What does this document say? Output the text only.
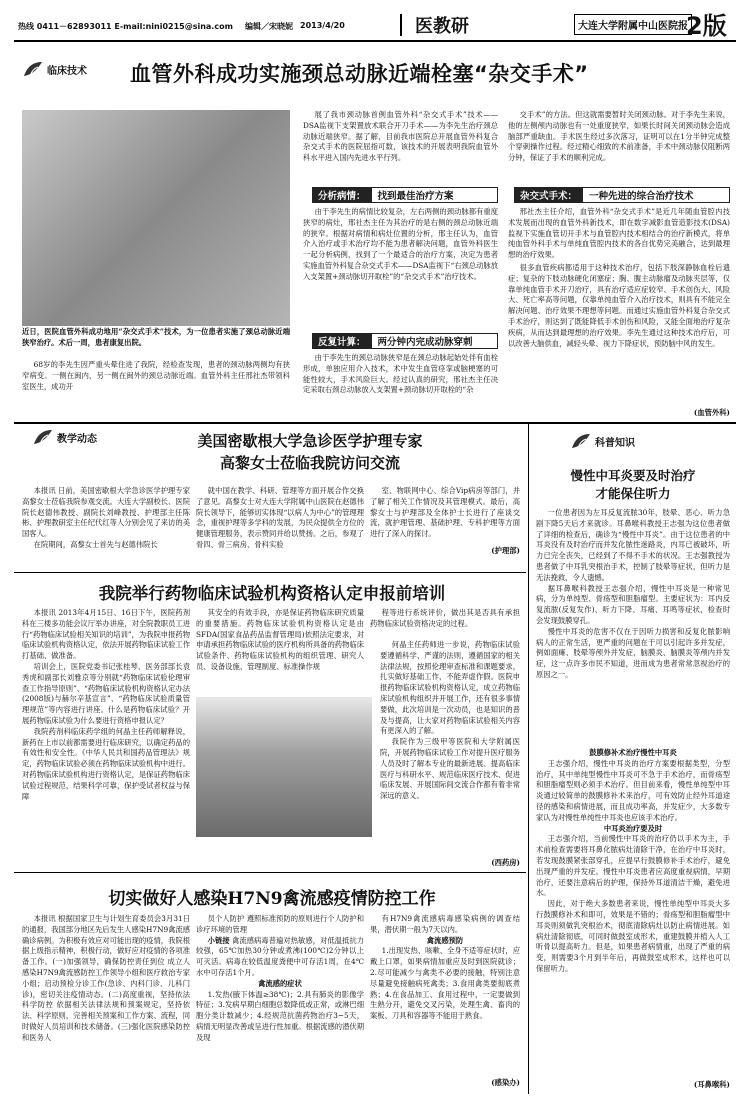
热线 0411－62893011 E-mail:nini0215@sina.com 编辑／宋晓妮 2013/4/20	医教研	大连大学附属中山医院报
2版
临床技术 血管外科成功实施颈总动脉近端栓塞“杂交手术”
近日，医院血管外科成功地用“杂交式手术”技术，为一位患者实施了颈总动脉近端狭窄治疗。术后一周，患者康复出院。

68岁的李先生因严重头晕住进了我院，经检查发现，患者的颈动脉两侧均有狭窄病变。一侧在闽内，另一侧在闽外的颈总动脉近端。血管外科主任邢社杰带领科室医生，成功开

展了我市颈动脉首例血管外科“杂交式手术”技术——DSA监视下支架置放术联合开刀手术——为李先生治疗颈总动脉近端狭窄。据了解，目前我市医院总开展血管外科复合杂交式手术的医院屈指可数，该技术的开展表明我院血管外科水平进入国内先进水平行列。

分析病情：	找到最佳治疗方案

由于李先生的病情比较复杂，左右两侧的颈动脉都有重度狭窄的病灶，邢社杰主任为其治疗的是右侧的颈总动脉近端的狭窄。根据对病情和病灶位置的分析，邢主任认为，血管介入治疗或手术治疗均不能为患者解决问题，血管外科医生一起分析病例，找到了一个最适合的治疗方案，决定为患者实施血管外科复合杂交式手术——DSA监视下“右颈总动脉放入支架置+颈动脉切开取栓”的“杂交式手术”治疗技术。

反复计算：	两分钟内完成动脉穿刺

由于李先生的颈总动脉狭窄是在颈总动脉起始处伴有血栓形成，单独应用介入技术，术中发生血管痉挛或脑梗塞的可能性较大，手术风险巨大。经过认真的研究，邢社杰主任决定采取右颈总动脉放入支架置+颈动脉切开取栓的“杂

交手术”的方法。但这就需要暂时关闭颈动脉。对于李先生来说，他的左侧颅内动脉也有一处重度狭窄，如果长时间关闭颈动脉会造成脑部严重缺血。手术医生经过多次落习，证明可以在1分半钟完成整个穿刺操作过程。经过精心细致的术前准备，手术中颈动脉仅阻断两分钟，保证了手术的顺利完成。

杂交式手术：	一种先进的综合治疗技术

邢社杰主任介绍，血管外科“杂交式手术”是近几年随血管腔内技术发展而出现的血管外科新技术，即在数字减影血管造影技术(DSA)监视下实施血管切开手术与血管腔内技术相结合的治疗新模式，将单纯血管外科手术与单纯血管腔内技术的各自优势完美融合，达到最理想的治疗效果。

很多血管疾病都适用于这种技术治疗，包括下肢深静脉血栓后遗症；复杂的下肢动脉硬化闭塞症；胸、腹主动脉瘤及动脉夹层等，仅靠单纯血管手术开刀治疗，具有治疗适应症较窄、手术创伤大、风险大、死亡率高等问题，仅靠单纯血管介入治疗技术，则具有不能完全解决问题、治疗效果不理想等问题。而通过实施血管外科复合杂交式手术治疗，则达到了既能降低手术创伤和风险，又能全面地治疗复杂疾病，从而达到最理想的治疗效果。李先生通过这种技术治疗后，可以改善大脑供血，减轻头晕、视力下降症状，预防脑中风的发生。

(血管外科)
教学动态	美国密歇根大学急诊医学护理专家
高黎女士莅临我院访问交流

本报讯 日前，美国密歇根大学急诊医学护理专家高黎女士莅临我院参观交流。大连大学副校长、医院院长赵德伟教授、副院长刘峰教授、护理部主任陈彬、护理教研室主任纪代红等人分别会见了来访的美国客人。

在院期间，高黎女士首先与赵德伟院长

就中国在教学、科研、管理等方面开展合作交换了意见。高黎女士对大连大学附属中山医院在赵德伟院长领导下，能够切实体现“以病人为中心”的管理理念，重视护理等多学科的发展，为民众提供全方位的健康管理服务，表示赞同并给以赞扬。之后，参观了骨四、骨三病房、骨科实验

室、物联网中心、综合Vip病房等部门，并了解了相关工作情况及其管理模式。最后，高黎女士与护理部及全体护士长进行了座谈交流，就护理管理、基础护理、专科护理等方面进行了深入的探讨。

(护理部)
我院举行药物临床试验机构资格认定申报前培训

本报讯 2013年4月15日、16日下午，医院药剂科在三楼多功能会议厅举办讲座，对全院教职员工进行“药物临床试验相关知识的培训”，为我院申报药物临床试验机构资格认定，依法开展药物临床试验工作打基础、做准备。

培训会上，医院党委书记张桂琴、医务部部长袁秀虎和副部长刘雅京等分别就“药物临床试验伦理审查工作指导原则”、“药物临床试验机构资格认定办法(2008版)与赫尔辛基宣言”、“药物临床试验质量管理规范”等内容进行讲座。什么是药物临床试验？开展药物临床试验为什么要进行资格申报认定？

我院药剂科临床药学组的何晶主任药师解释说，新药在上市以前都需要进行临床研究，以确定药品的有效性和安全性。《中华人民共和国药品管理法》规定，药物临床试验必须在药物临床试验机构中进行。对药物临床试验机构进行资格认定，是保证药物临床试验过程规范，结果科学可靠，保护受试者权益与保障

其安全的有效手段，亦是保证药物临床研究质量的重要措施。药物临床试验机构资格认定是由SFDA(国家食品药品监督管理局)依照法定要求，对申请承担药物临床试验的医疗机构所具备的药物临床试验条件、药物临床试验机构的组织管理、研究人员、设备设施、管理制度、标准操作规

程等进行系统评价，做出其是否具有承担药物临床试验资格决定的过程。

何晶主任药师进一步说，药物临床试验要遵循科学、严谨的法则，遵循国家的相关法律法规，按照伦理审查标准和课题要求，扎实做好基础工作，不能弄虚作假。医院申报药物临床试验机构资格认定，成立药物临床试验机构组织并开展工作，还有很多事情要做，此次培训是一次动员，也是知识的普及与提高，让大家对药物临床试验相关内容有更深入的了解。

我院作为三级甲等医院和大学附属医院，开展药物临床试验工作对提升医疗服务人员及时了解本专业的最新进展、提高临床医疗与科研水平、规范临床医疗技术、促进临床发展、开展国际间交流合作都有着非常深远的意义。

(西药房)
切实做好人感染H7N9禽流感疫情防控工作

本报讯 根据国家卫生与计划生育委员会3月31日的通报，我国部分地区先后发生人感染H7N9禽流感确诊病例。为积极有效应对可能出现的疫情，我院根据上级指示精神，积极行动，做好应对疫情的各项准备工作。(一)加强领导，确保防控责任到位 成立人感染H7N9禽流感防控工作领导小组和医疗救治专家小组；启动预检分诊工作(急诊、内科门诊、儿科门诊)，密切关注疫情动态。(二)高度重视，坚持依法科学防控 依据相关法律法规和预案规定，坚持依法、科学原则，完善相关预案和工作方案、流程，同时做好人员培训和技术储备。(三)强化医院感染防控和医务人

员个人防护 遵照标准预防的原则进行个人防护和诊疗环境的管理

小链接 禽流感病毒普遍对热敏感，对低温抵抗力较强，65℃加热30分钟或煮沸(100℃)2分钟以上可灭活。病毒在较低温度粪便中可存活1周，在4℃水中可存活1个月。

禽流感的症状

1.发热(腋下体温≥38℃)；2.具有肺炎的影像学特征；3.发病早期白细胞总数降低或正常，或淋巴细胞分类计数减少；4.经规范抗菌药物治疗3~5天，病情无明显改善或呈进行性加重。根据流感的潜伏期及现

有H7N9禽流感病毒感染病例的调查结果，潜伏期一般为7天以内。

禽流感预防

1.出现发热、咳嗽、全身不适等症状时，应戴上口罩，如果病情加重应及时到医院就诊；2.尽可能减少与禽类不必要的接触，特别注意尽量避免接触病死禽类；3.食用禽类要彻底煮熟；4.在食品加工、食用过程中，一定要做到生熟分开，避免交叉污染，处理生禽、畜肉的案板、刀具和容器等不能用于熟食。

(感染办)
科普知识
慢性中耳炎要及时治疗
才能保住听力

一位患者因为左耳反复流脓30年，肢晕、恶心、听力急剧下降5天后才来就诊。耳鼻喉科教授王志强为这位患者做了详细的检查后，确诊为“慢性中耳炎”。由于这位患者的中耳炎没有及时治疗而并发化脓性迷路炎，内耳已被破坏，听力已完全丧失，已经到了不得不手术的状况。王志强教授为患者做了中耳乳突根治手术，控制了肢晕等症状，但听力是无法挽救，令人遗憾。

据耳鼻喉科教授王志强介绍，慢性中耳炎是一种常见病，分为单纯型、骨疡型和胆脂瘤型。主要症状为：耳内反复流脓(反复发作)、听力下降、耳痛、耳鸣等症状，检查时会发现鼓膜穿孔。

慢性中耳炎的危害不仅在于因听力损害和反复化脓影响病人的正常生活，更严重的问题在于可以引起许多并发症，例如面瘫、肢晕等颅外并发症，脑膜炎、脑膜炎等颅内并发症，这一点许多市民不知道，进而成为患者常常忽视治疗的原因之一。

鼓膜修补术治疗慢性中耳炎

王志强介绍，慢性中耳炎的治疗方案要根据类型，分型治疗，其中单纯型慢性中耳炎可不急于手术治疗，而骨疡型和胆脂瘤型则必须手术治疗。但目前来看，慢性单纯型中耳炎通过较简单的鼓膜修补术来治疗，可有效防止经外耳道途径的感染和病情进展，而且成功率高，并发症少，大多数专家认为对慢性单纯性中耳炎也应该手术治疗。

中耳炎治疗要及时

王志强介绍，当前慢性中耳炎的治疗仍以手术为主，手术前检查需要将耳鼻化脓病灶清除干净，在治疗中耳炎时，若发现鼓膜紧张部穿孔，应提早行鼓膜修补手术治疗，避免出现严重的并发症。慢性中耳炎患者应高度重视病情，早期治疗，还要注意病后的护理，保持外耳道清洁干燥，避免进水。

因此，对于绝大多数患者来说，慢性单纯型中耳炎大多行鼓膜修补术和即可，效果是不错的；骨疡型和胆脂瘤型中耳炎则须做乳突根治术，彻底清除病灶以防止病情进展。如病灶清除彻底，可同时做鼓室成形术，重建鼓膜并植入人工听骨以提高听力。但是，如果患者病情重，出现了严重的病变，则需要3个月到半年后，再做鼓室成形术，这样也可以保留听力。

(耳鼻喉科)
